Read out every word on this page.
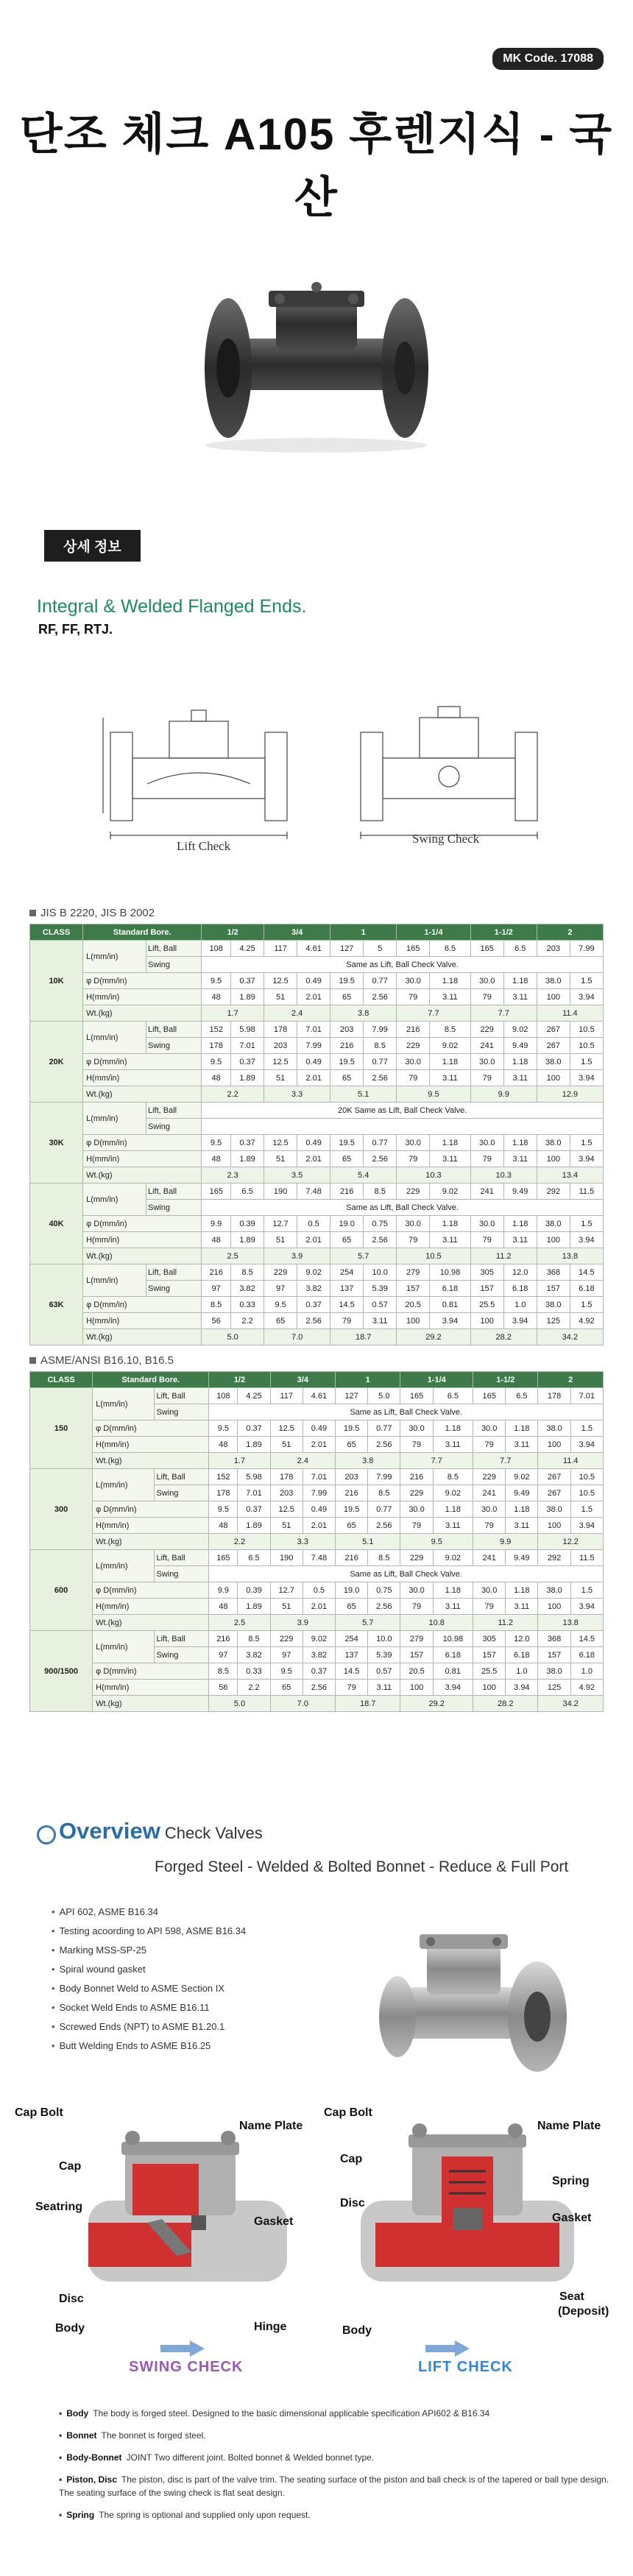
MK Code. 17088
단조 체크 A105 후렌지식 - 국산
상세 정보
Integral & Welded Flanged Ends.
RF, FF, RTJ.
Lift Check
Swing Check
JIS B 2220, JIS B 2002
CLASS	Standard Bore.		1/2		3/4		1		1-1/4		1-1/2		2	
10K	L(mm/in)	Lift, Ball	108	4.25	117	4.61	127	5	165	6.5	165	6.5	203	7.99
		Swing	Same as Lift, Ball Check Valve.											
	φ D(mm/in)		9.5	0.37	12.5	0.49	19.5	0.77	30.0	1.18	30.0	1.18	38.0	1.5
	H(mm/in)		48	1.89	51	2.01	65	2.56	79	3.11	79	3.11	100	3.94
	Wt.(kg)		1.7		2.4		3.8		7.7		7.7		11.4	
20K	L(mm/in)	Lift, Ball	152	5.98	178	7.01	203	7.99	216	8.5	229	9.02	267	10.5
		Swing	178	7.01	203	7.99	216	8.5	229	9.02	241	9.49	267	10.5
	φ D(mm/in)		9.5	0.37	12.5	0.49	19.5	0.77	30.0	1.18	30.0	1.18	38.0	1.5
	H(mm/in)		48	1.89	51	2.01	65	2.56	79	3.11	79	3.11	100	3.94
	Wt.(kg)		2.2		3.3		5.1		9.5		9.9		12.9	
30K	L(mm/in)	Lift, Ball	20K Same as Lift, Ball Check Valve.											
		Swing												
	φ D(mm/in)		9.5	0.37	12.5	0.49	19.5	0.77	30.0	1.18	30.0	1.18	38.0	1.5
	H(mm/in)		48	1.89	51	2.01	65	2.56	79	3.11	79	3.11	100	3.94
	Wt.(kg)		2.3		3.5		5.4		10.3		10.3		13.4	
40K	L(mm/in)	Lift, Ball	165	6.5	190	7.48	216	8.5	229	9.02	241	9.49	292	11.5
		Swing	Same as Lift, Ball Check Valve.											
	φ D(mm/in)		9.9	0.39	12.7	0.5	19.0	0.75	30.0	1.18	30.0	1.18	38.0	1.5
	H(mm/in)		48	1.89	51	2.01	65	2.56	79	3.11	79	3.11	100	3.94
	Wt.(kg)		2.5		3.9		5.7		10.5		11.2		13.8	
63K	L(mm/in)	Lift, Ball	216	8.5	229	9.02	254	10.0	279	10.98	305	12.0	368	14.5
		Swing	97	3.82	97	3.82	137	5.39	157	6.18	157	6.18	157	6.18
	φ D(mm/in)		8.5	0.33	9.5	0.37	14.5	0.57	20.5	0.81	25.5	1.0	38.0	1.5
	H(mm/in)		56	2.2	65	2.56	79	3.11	100	3.94	100	3.94	125	4.92
	Wt.(kg)		5.0		7.0		18.7		29.2		28.2		34.2	
ASME/ANSI B16.10, B16.5
CLASS	Standard Bore.		1/2		3/4		1		1-1/4		1-1/2		2	
150	L(mm/in)	Lift, Ball	108	4.25	117	4.61	127	5.0	165	6.5	165	6.5	178	7.01
		Swing	Same as Lift, Ball Check Valve.											
	φ D(mm/in)		9.5	0.37	12.5	0.49	19.5	0.77	30.0	1.18	30.0	1.18	38.0	1.5
	H(mm/in)		48	1.89	51	2.01	65	2.56	79	3.11	79	3.11	100	3.94
	Wt.(kg)		1.7		2.4		3.8		7.7		7.7		11.4	
300	L(mm/in)	Lift, Ball	152	5.98	178	7.01	203	7.99	216	8.5	229	9.02	267	10.5
		Swing	178	7.01	203	7.99	216	8.5	229	9.02	241	9.49	267	10.5
	φ D(mm/in)		9.5	0.37	12.5	0.49	19.5	0.77	30.0	1.18	30.0	1.18	38.0	1.5
	H(mm/in)		48	1.89	51	2.01	65	2.56	79	3.11	79	3.11	100	3.94
	Wt.(kg)		2.2		3.3		5.1		9.5		9.9		12.2	
600	L(mm/in)	Lift, Ball	165	6.5	190	7.48	216	8.5	229	9.02	241	9.49	292	11.5
		Swing	Same as Lift, Ball Check Valve.											
	φ D(mm/in)		9.9	0.39	12.7	0.5	19.0	0.75	30.0	1.18	30.0	1.18	38.0	1.5
	H(mm/in)		48	1.89	51	2.01	65	2.56	79	3.11	79	3.11	100	3.94
	Wt.(kg)		2.5		3.9		5.7		10.8		11.2		13.8	
900/1500	L(mm/in)	Lift, Ball	216	8.5	229	9.02	254	10.0	279	10.98	305	12.0	368	14.5
		Swing	97	3.82	97	3.82	137	5.39	157	6.18	157	6.18	157	6.18
	φ D(mm/in)		8.5	0.33	9.5	0.37	14.5	0.57	20.5	0.81	25.5	1.0	38.0	1.0
	H(mm/in)		56	2.2	65	2.56	79	3.11	100	3.94	100	3.94	125	4.92
	Wt.(kg)		5.0		7.0		18.7		29.2		28.2		34.2	
Overview Check Valves
Forged Steel - Welded & Bolted Bonnet - Reduce & Full Port
• API 602, ASME B16.34
• Testing acoording to API 598, ASME B16.34
• Marking MSS-SP-25
• Spiral wound gasket
• Body Bonnet Weld to ASME Section IX
• Socket Weld Ends to ASME B16.11
• Screwed Ends (NPT) to ASME B1.20.1
• Butt Welding Ends to ASME B16.25
Cap Bolt
Name Plate
Cap
Seatring
Gasket
Disc
Body	Hinge
Cap Bolt
Name Plate
Cap
Spring
Disc
Gasket
Seat
(Deposit)
Body
SWING CHECK	LIFT CHECK
• Body The body is forged steel. Designed to the basic dimensional applicable specification API602 & B16.34
• Bonnet The bonnet is forged steel.
• Body-Bonnet JOINT Two different joint. Bolted bonnet & Welded bonnet type.
• Piston, Disc The piston, disc is part of the valve trim. The seating surface of the piston and ball check is of the tapered or ball type design. The seating surface of the swing check is flat seat design.
• Spring The spring is optional and supplied only upon request.
